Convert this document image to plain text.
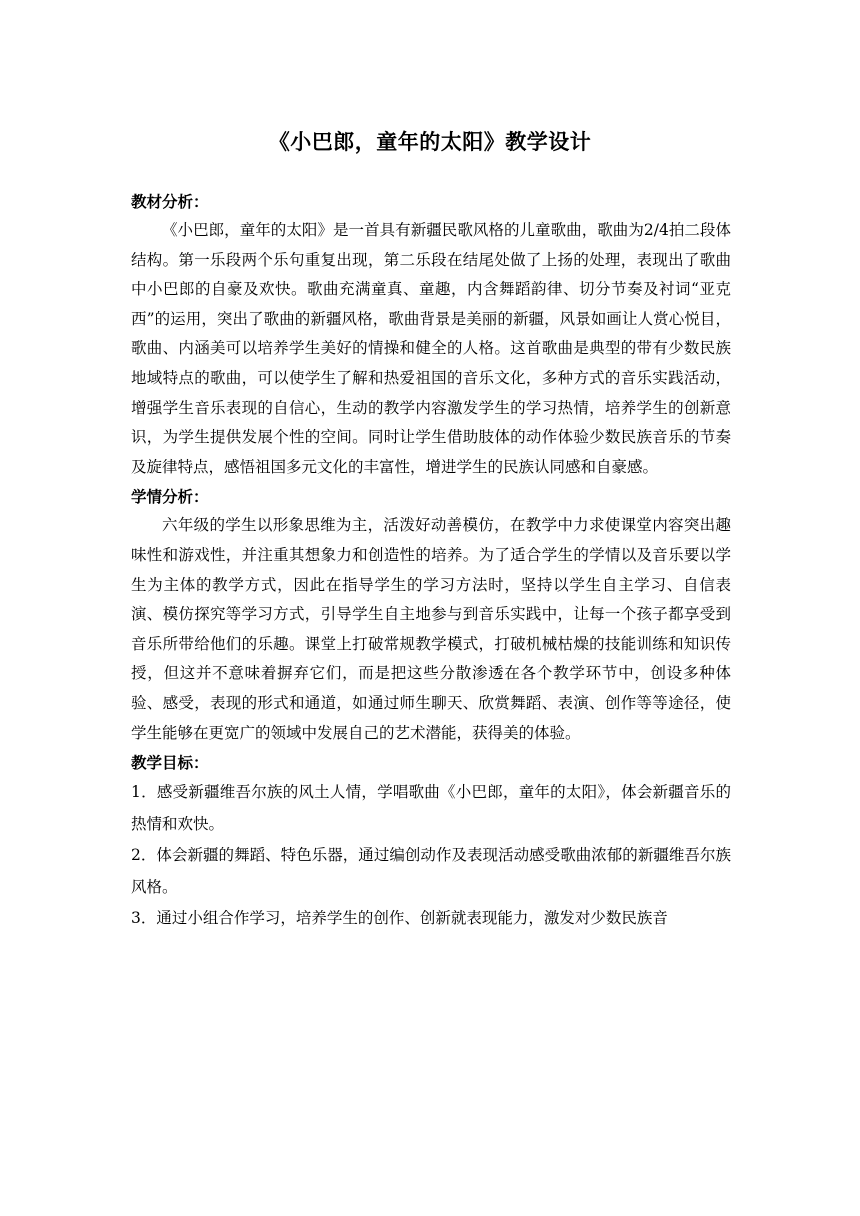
《小巴郎，童年的太阳》教学设计

教材分析：

《小巴郎，童年的太阳》是一首具有新疆民歌风格的儿童歌曲，歌曲为2/4拍二段体结构。第一乐段两个乐句重复出现，第二乐段在结尾处做了上扬的处理，表现出了歌曲中小巴郎的自豪及欢快。歌曲充满童真、童趣，内含舞蹈韵律、切分节奏及衬词“亚克西”的运用，突出了歌曲的新疆风格，歌曲背景是美丽的新疆，风景如画让人赏心悦目，歌曲、内涵美可以培养学生美好的情操和健全的人格。这首歌曲是典型的带有少数民族地域特点的歌曲，可以使学生了解和热爱祖国的音乐文化，多种方式的音乐实践活动，增强学生音乐表现的自信心，生动的教学内容激发学生的学习热情，培养学生的创新意识，为学生提供发展个性的空间。同时让学生借助肢体的动作体验少数民族音乐的节奏及旋律特点，感悟祖国多元文化的丰富性，增进学生的民族认同感和自豪感。

学情分析：

六年级的学生以形象思维为主，活泼好动善模仿，在教学中力求使课堂内容突出趣味性和游戏性，并注重其想象力和创造性的培养。为了适合学生的学情以及音乐要以学生为主体的教学方式，因此在指导学生的学习方法时，坚持以学生自主学习、自信表演、模仿探究等学习方式，引导学生自主地参与到音乐实践中，让每一个孩子都享受到音乐所带给他们的乐趣。课堂上打破常规教学模式，打破机械枯燥的技能训练和知识传授，但这并不意味着摒弃它们，而是把这些分散渗透在各个教学环节中，创设多种体验、感受，表现的形式和通道，如通过师生聊天、欣赏舞蹈、表演、创作等等途径，使学生能够在更宽广的领域中发展自己的艺术潜能，获得美的体验。

教学目标：

1．感受新疆维吾尔族的风土人情，学唱歌曲《小巴郎，童年的太阳》，体会新疆音乐的热情和欢快。

2．体会新疆的舞蹈、特色乐器，通过编创动作及表现活动感受歌曲浓郁的新疆维吾尔族风格。

3．通过小组合作学习，培养学生的创作、创新就表现能力，激发对少数民族音
